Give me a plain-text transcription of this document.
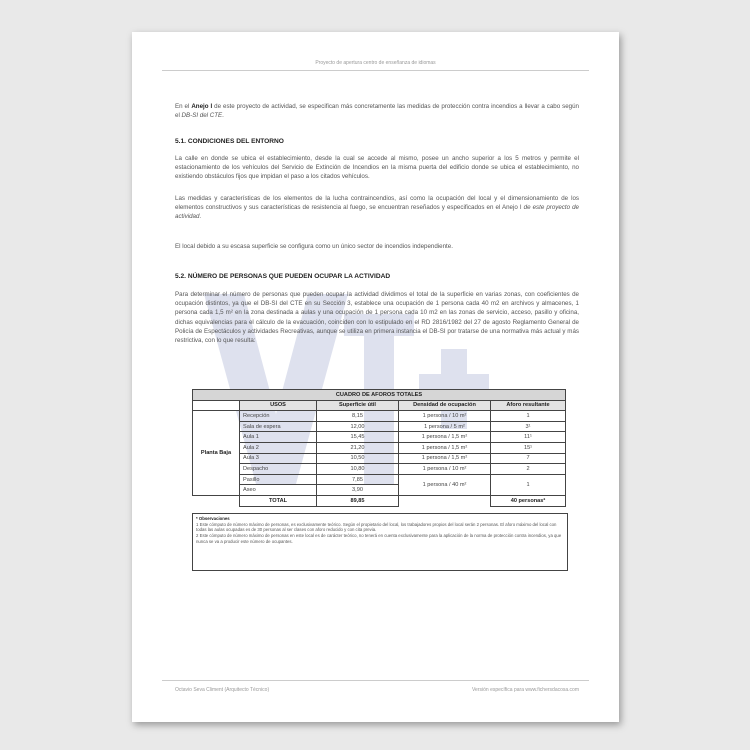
Proyecto de apertura centro de enseñanza de idiomas
En el Anejo I de este proyecto de actividad, se especifican más concretamente las medidas de protección contra incendios a llevar a cabo según el DB-SI del CTE.
5.1. CONDICIONES DEL ENTORNO
La calle en donde se ubica el establecimiento, desde la cual se accede al mismo, posee un ancho superior a los 5 metros y permite el estacionamiento de los vehículos del Servicio de Extinción de Incendios en la misma puerta del edificio donde se ubica el establecimiento, no existiendo obstáculos fijos que impidan el paso a los citados vehículos.
Las medidas y características de los elementos de la lucha contraincendios, así como la ocupación del local y el dimensionamiento de los elementos constructivos y sus características de resistencia al fuego, se encuentran reseñados y especificados en el Anejo I de este proyecto de actividad.
El local debido a su escasa superficie se configura como un único sector de incendios independiente.
5.2. NÚMERO DE PERSONAS QUE PUEDEN OCUPAR LA ACTIVIDAD
Para determinar el número de personas que pueden ocupar la actividad dividimos el total de la superficie en varias zonas, con coeficientes de ocupación distintos, ya que el DB-SI del CTE en su Sección 3, establece una ocupación de 1 persona cada 40 m2 en archivos y almacenes, 1 persona cada 1,5 m² en la zona destinada a aulas y una ocupación de 1 persona cada 10 m2 en las zonas de servicio, acceso, pasillo y oficina, dichas equivalencias para el cálculo de la evacuación, coinciden con lo estipulado en el RD 2816/1982 del 27 de agosto Reglamento General de Policía de Espectáculos y actividades Recreativas, aunque se utiliza en primera instancia el DB-SI por tratarse de una normativa más actual y más restrictiva, con lo que resulta:
CUADRO DE AFOROS TOTALES				
	USOS	Superficie útil	Densidad de ocupación	Aforo resultante
Planta Baja	Recepción	8,15	1 persona / 10 m²	1
	Sala de espera	12,00	1 persona / 5 m²	3¹
	Aula 1	15,45	1 persona / 1,5 m²	11¹
	Aula 2	21,20	1 persona / 1,5 m²	15¹
	Aula 3	10,50	1 persona / 1,5 m²	7
	Despacho	10,80	1 persona / 10 m²	2
	Pasillo	7,85	1 persona / 40 m²	1
	Aseo	3,90		
	TOTAL	89,85		40 personas²
* Observaciones
1 Este cómputo de número máximo de personas, es exclusivamente teórico. Según el propietario del local, los trabajadores propios del local serán 2 personas. El aforo máximo del local con todas las aulas ocupadas es de 30 personas al ser clases con aforo reducido y con cita previa.
2 Este cómputo de número máximo de personas en este local es de carácter teórico, no tenerá en cuenta exclusivamente para la aplicación de la norma de protección contra incendios, ya que nunca se va a producir este número de ocupantes.
Octavio Seva Climent (Arquitecto Técnico)	Versión específica para www.fichersdacosa.com
